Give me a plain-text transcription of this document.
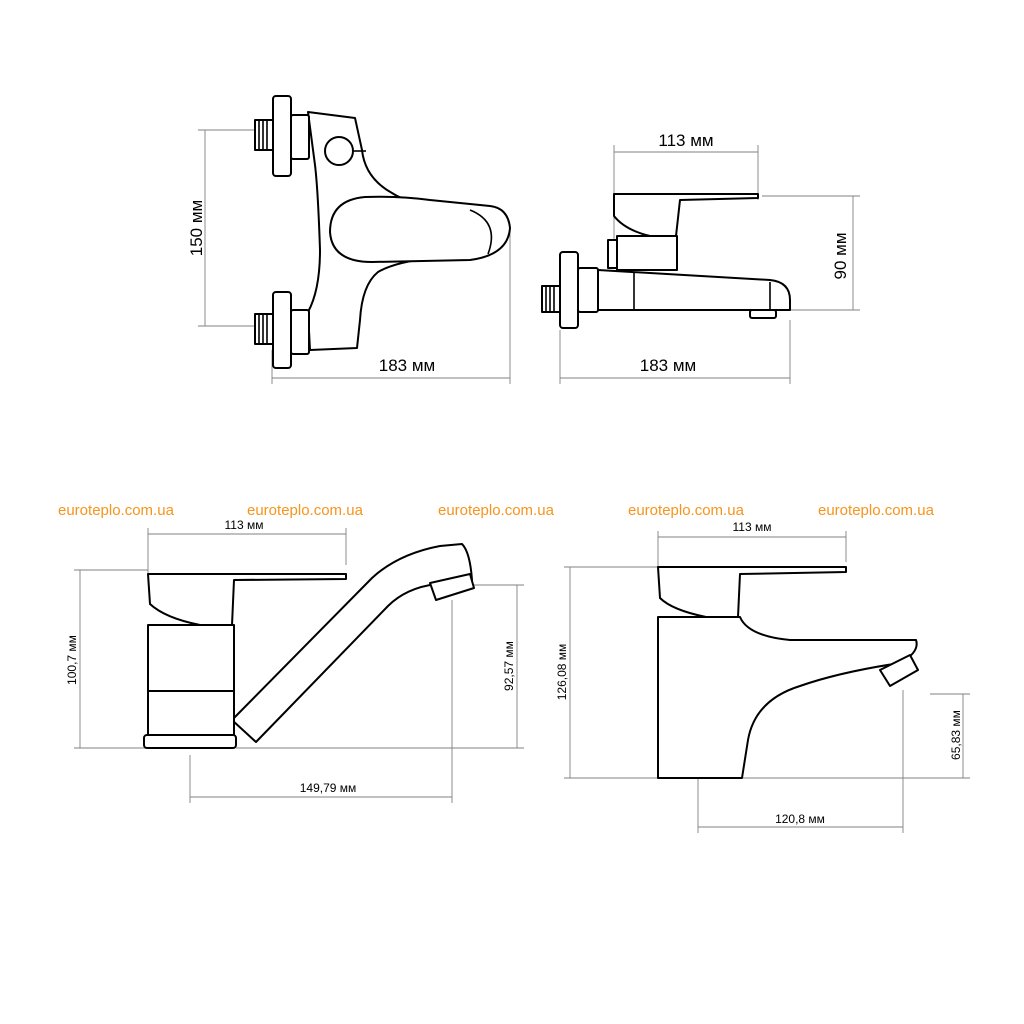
150 мм
183 мм
113 мм
90 мм
183 мм
euroteplo.com.ua	euroteplo.com.ua	euroteplo.com.ua	euroteplo.com.ua	euroteplo.com.ua
113 мм
100,7 мм	92,57 мм
149,79 мм
113 мм
126,08 мм
65,83 мм
120,8 мм
